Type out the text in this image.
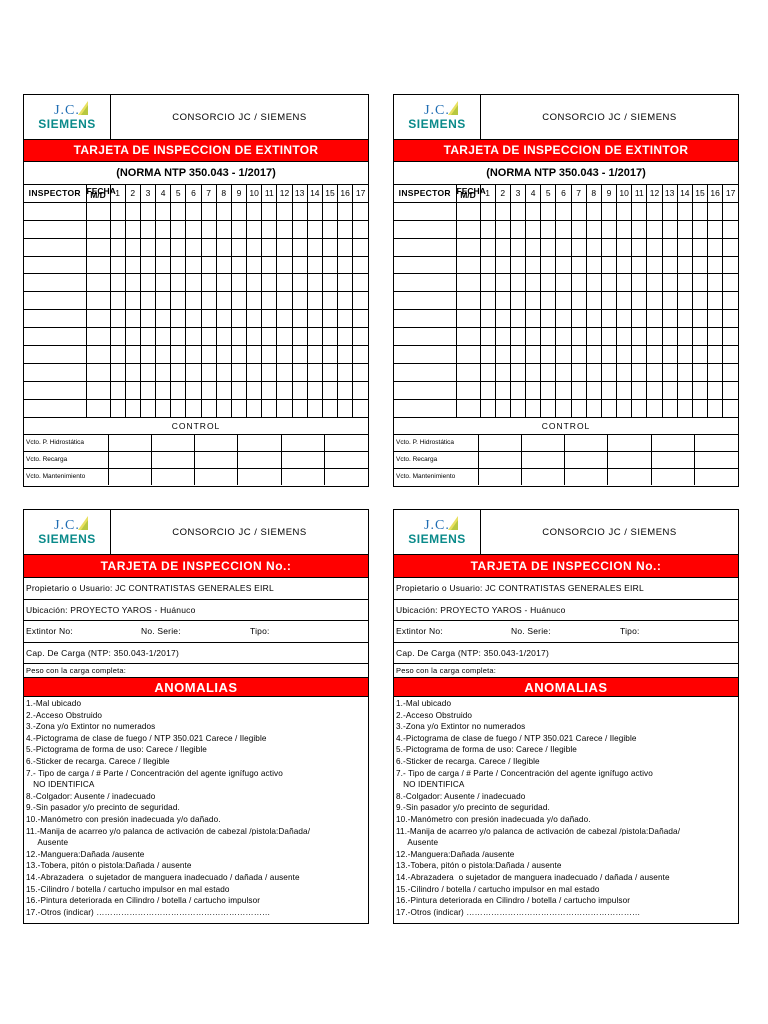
J.C.
SIEMENS	CONSORCIO JC / SIEMENS
TARJETA DE INSPECCION DE EXTINTOR
(NORMA NTP 350.043 - 1/2017)
INSPECTOR	FECHA M/D	1	2	3	4	5	6	7	8	9	10	11	12	13	14	15	16	17

CONTROL
Vcto. P. Hidrostática						
Vcto. Recarga						
Vcto. Mantenimiento						
J.C.
SIEMENS	CONSORCIO JC / SIEMENS
TARJETA DE INSPECCION DE EXTINTOR
(NORMA NTP 350.043 - 1/2017)
INSPECTOR	FECHA M/D	1	2	3	4	5	6	7	8	9	10	11	12	13	14	15	16	17

CONTROL
Vcto. P. Hidrostática						
Vcto. Recarga						
Vcto. Mantenimiento						
J.C.
SIEMENS	CONSORCIO JC / SIEMENS
TARJETA DE INSPECCION No.:
Propietario o Usuario: JC CONTRATISTAS GENERALES EIRL
Ubicación: PROYECTO YAROS - Huánuco
Extintor No:	No. Serie:	Tipo:
Cap. De Carga (NTP: 350.043-1/2017)
Peso con la carga completa:
ANOMALIAS
1.-Mal ubicado
2.-Acceso Obstruido
3.-Zona y/o Extintor no numerados
4.-Pictograma de clase de fuego / NTP 350.021 Carece / Ilegible
5.-Pictograma de forma de uso: Carece / Ilegible
6.-Sticker de recarga. Carece / Ilegible
7.- Tipo de carga / # Parte / Concentración del agente ignífugo activo
NO IDENTIFICA
8.-Colgador: Ausente / inadecuado
9.-Sin pasador y/o precinto de seguridad.
10.-Manómetro con presión inadecuada y/o dañado.
11.-Manija de acarreo y/o palanca de activación de cabezal /pistola:Dañada/
Ausente
12.-Manguera:Dañada /ausente
13.-Tobera, pitón o pistola:Dañada / ausente
14.-Abrazadera  o sujetador de manguera inadecuado / dañada / ausente
15.-Cilindro / botella / cartucho impulsor en mal estado
16.-Pintura deteriorada en Cilindro / botella / cartucho impulsor
17.-Otros (indicar) ………………………………………………………
J.C.
SIEMENS	CONSORCIO JC / SIEMENS
TARJETA DE INSPECCION No.:
Propietario o Usuario: JC CONTRATISTAS GENERALES EIRL
Ubicación: PROYECTO YAROS - Huánuco
Extintor No:	No. Serie:	Tipo:
Cap. De Carga (NTP: 350.043-1/2017)
Peso con la carga completa:
ANOMALIAS
1.-Mal ubicado
2.-Acceso Obstruido
3.-Zona y/o Extintor no numerados
4.-Pictograma de clase de fuego / NTP 350.021 Carece / Ilegible
5.-Pictograma de forma de uso: Carece / Ilegible
6.-Sticker de recarga. Carece / Ilegible
7.- Tipo de carga / # Parte / Concentración del agente ignífugo activo
NO IDENTIFICA
8.-Colgador: Ausente / inadecuado
9.-Sin pasador y/o precinto de seguridad.
10.-Manómetro con presión inadecuada y/o dañado.
11.-Manija de acarreo y/o palanca de activación de cabezal /pistola:Dañada/
Ausente
12.-Manguera:Dañada /ausente
13.-Tobera, pitón o pistola:Dañada / ausente
14.-Abrazadera  o sujetador de manguera inadecuado / dañada / ausente
15.-Cilindro / botella / cartucho impulsor en mal estado
16.-Pintura deteriorada en Cilindro / botella / cartucho impulsor
17.-Otros (indicar) ………………………………………………………
